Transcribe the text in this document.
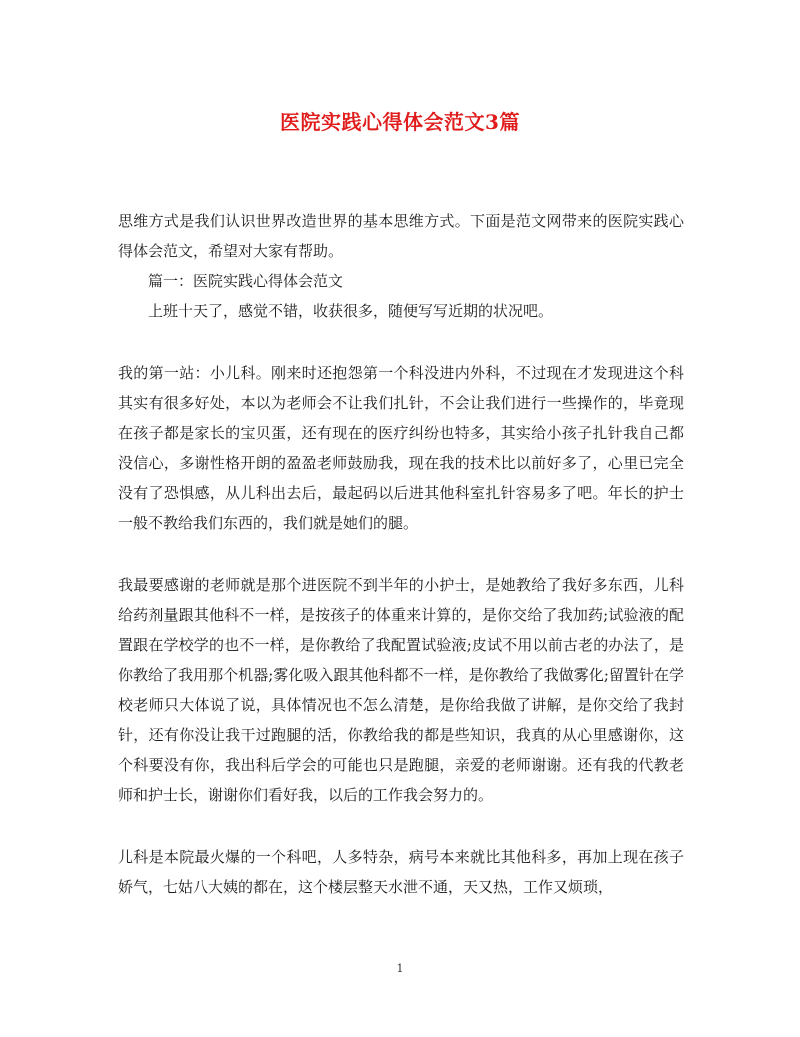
医院实践心得体会范文3篇

思维方式是我们认识世界改造世界的基本思维方式。下面是范文网带来的医院实践心得体会范文，希望对大家有帮助。

篇一：医院实践心得体会范文

上班十天了，感觉不错，收获很多，随便写写近期的状况吧。

我的第一站：小儿科。刚来时还抱怨第一个科没进内外科，不过现在才发现进这个科其实有很多好处，本以为老师会不让我们扎针，不会让我们进行一些操作的，毕竟现在孩子都是家长的宝贝蛋，还有现在的医疗纠纷也特多，其实给小孩子扎针我自己都没信心，多谢性格开朗的盈盈老师鼓励我，现在我的技术比以前好多了，心里已完全没有了恐惧感，从儿科出去后，最起码以后进其他科室扎针容易多了吧。年长的护士一般不教给我们东西的，我们就是她们的腿。

我最要感谢的老师就是那个进医院不到半年的小护士，是她教给了我好多东西，儿科给药剂量跟其他科不一样，是按孩子的体重来计算的，是你交给了我加药;试验液的配置跟在学校学的也不一样，是你教给了我配置试验液;皮试不用以前古老的办法了，是你教给了我用那个机器;雾化吸入跟其他科都不一样，是你教给了我做雾化;留置针在学校老师只大体说了说，具体情况也不怎么清楚，是你给我做了讲解，是你交给了我封针，还有你没让我干过跑腿的活，你教给我的都是些知识，我真的从心里感谢你，这个科要没有你，我出科后学会的可能也只是跑腿，亲爱的老师谢谢。还有我的代教老师和护士长，谢谢你们看好我，以后的工作我会努力的。

儿科是本院最火爆的一个科吧，人多特杂，病号本来就比其他科多，再加上现在孩子娇气，七姑八大姨的都在，这个楼层整天水泄不通，天又热，工作又烦琐，

1
